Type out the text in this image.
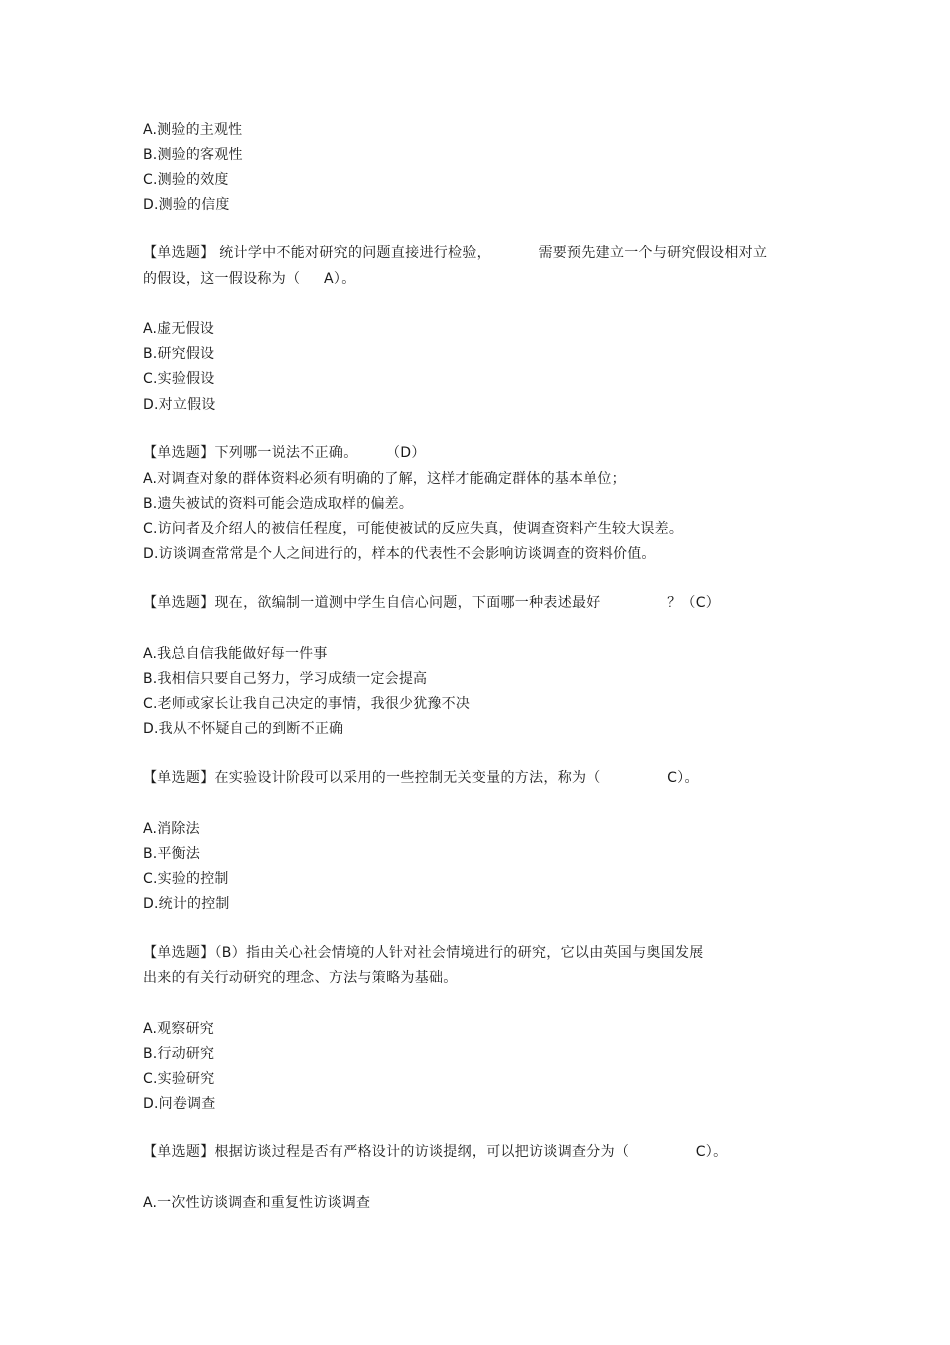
A.测验的主观性
B.测验的客观性
C.测验的效度
D.测验的信度
【单选题】 统计学中不能对研究的问题直接进行检验，          需要预先建立一个与研究假设相对立
的假设，这一假设称为（     A）。
A.虚无假设
B.研究假设
C.实验假设
D.对立假设
【单选题】下列哪一说法不正确。      （D）
A.对调查对象的群体资料必须有明确的了解，这样才能确定群体的基本单位；
B.遗失被试的资料可能会造成取样的偏差。
C.访问者及介绍人的被信任程度，可能使被试的反应失真，使调查资料产生较大误差。
D.访谈调查常常是个人之间进行的，样本的代表性不会影响访谈调查的资料价值。
【单选题】现在，欲编制一道测中学生自信心问题，下面哪一种表述最好              ？（C）
A.我总自信我能做好每一件事
B.我相信只要自己努力，学习成绩一定会提高
C.老师或家长让我自己决定的事情，我很少犹豫不决
D.我从不怀疑自己的到断不正确
【单选题】在实验设计阶段可以采用的一些控制无关变量的方法，称为（              C）。
A.消除法
B.平衡法
C.实验的控制
D.统计的控制
【单选题】（B）指由关心社会情境的人针对社会情境进行的研究，它以由英国与奥国发展
出来的有关行动研究的理念、方法与策略为基础。
A.观察研究
B.行动研究
C.实验研究
D.问卷调查
【单选题】根据访谈过程是否有严格设计的访谈提纲，可以把访谈调查分为（              C）。
A.一次性访谈调查和重复性访谈调查
